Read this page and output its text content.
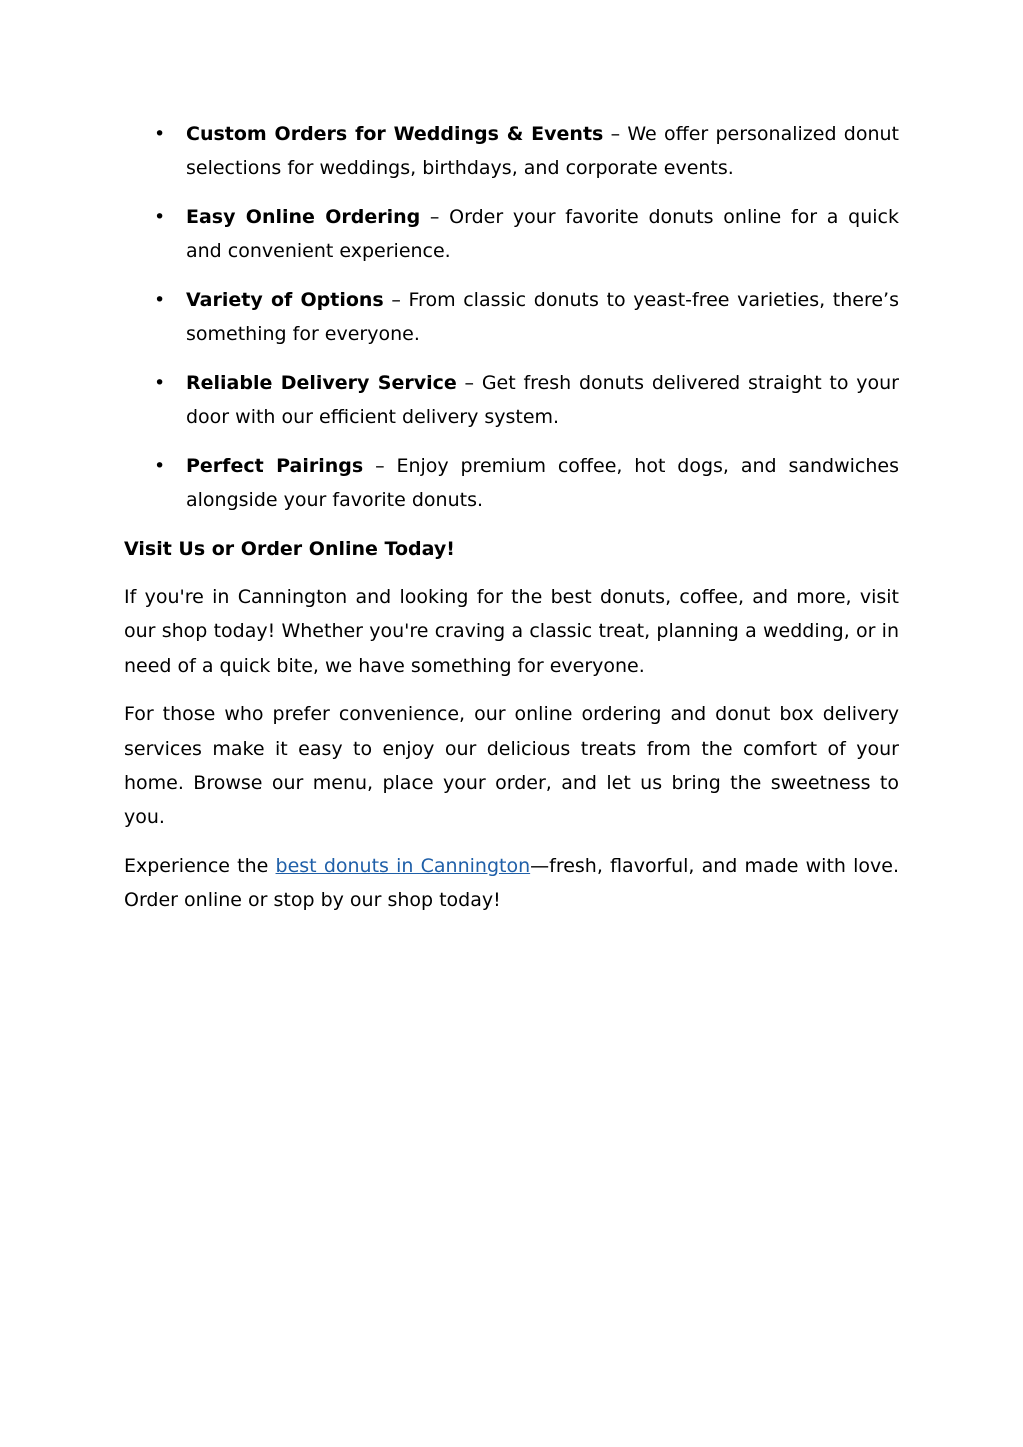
• Custom Orders for Weddings & Events – We offer personalized donut selections for weddings, birthdays, and corporate events.
• Easy Online Ordering – Order your favorite donuts online for a quick and convenient experience.
• Variety of Options – From classic donuts to yeast-free varieties, there’s something for everyone.
• Reliable Delivery Service – Get fresh donuts delivered straight to your door with our efficient delivery system.
• Perfect Pairings – Enjoy premium coffee, hot dogs, and sandwiches alongside your favorite donuts.
Visit Us or Order Online Today!

If you're in Cannington and looking for the best donuts, coffee, and more, visit our shop today! Whether you're craving a classic treat, planning a wedding, or in need of a quick bite, we have something for everyone.

For those who prefer convenience, our online ordering and donut box delivery services make it easy to enjoy our delicious treats from the comfort of your home. Browse our menu, place your order, and let us bring the sweetness to you.

Experience the best donuts in Cannington—fresh, flavorful, and made with love. Order online or stop by our shop today!
